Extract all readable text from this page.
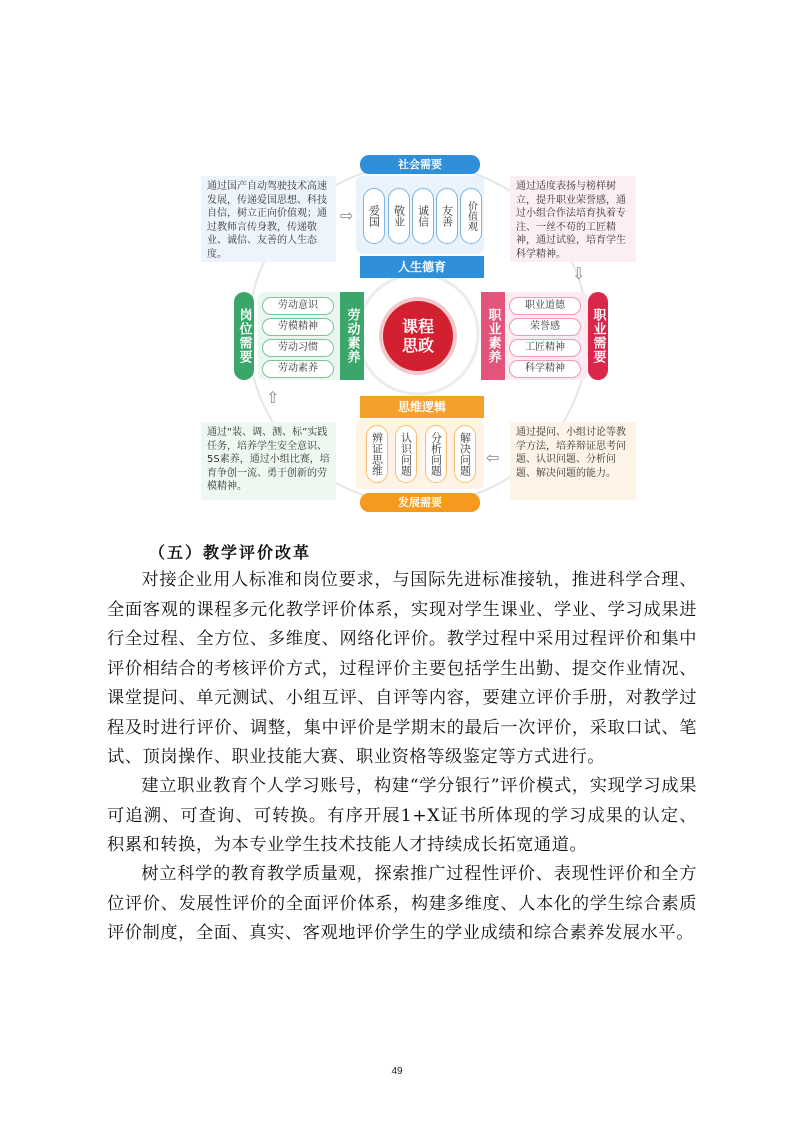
通过国产自动驾驶技术高速发展，传递爱国思想、科技自信，树立正向价值观；通过教师言传身教，传递敬业、诚信、友善的人生态度。
通过适度表扬与榜样树立，提升职业荣誉感，通过小组合作法培育执着专注、一丝不苟的工匠精神，通过试验，培育学生科学精神。
通过“装、调、测、标”实践任务，培养学生安全意识、5S素养，通过小组比赛，培育争创一流、勇于创新的劳模精神。
通过提问、小组讨论等教学方法，培养辩证思考问题、认识问题、分析问题、解决问题的能力。
⇨
⇩
⇧
⇦
社会需要
爱国	敬业	诚信	友善	价值观
人生德育
岗位需要
劳动意识
劳模精神
劳动习惯
劳动素养
劳动素养	职业素养
职业道德
荣誉感
工匠精神
科学精神
职业需要
思维逻辑
辨证思维	认识问题	分析问题	解决问题
发展需要
课程
思政
（五）教学评价改革

对接企业用人标准和岗位要求，与国际先进标准接轨，推进科学合理、全面客观的课程多元化教学评价体系，实现对学生课业、学业、学习成果进行全过程、全方位、多维度、网络化评价。教学过程中采用过程评价和集中评价相结合的考核评价方式，过程评价主要包括学生出勤、提交作业情况、课堂提问、单元测试、小组互评、自评等内容，要建立评价手册，对教学过程及时进行评价、调整，集中评价是学期末的最后一次评价，采取口试、笔试、顶岗操作、职业技能大赛、职业资格等级鉴定等方式进行。

建立职业教育个人学习账号，构建“学分银行”评价模式，实现学习成果可追溯、可查询、可转换。有序开展1+X证书所体现的学习成果的认定、积累和转换，为本专业学生技术技能人才持续成长拓宽通道。

树立科学的教育教学质量观，探索推广过程性评价、表现性评价和全方位评价、发展性评价的全面评价体系，构建多维度、人本化的学生综合素质评价制度，全面、真实、客观地评价学生的学业成绩和综合素养发展水平。

49
